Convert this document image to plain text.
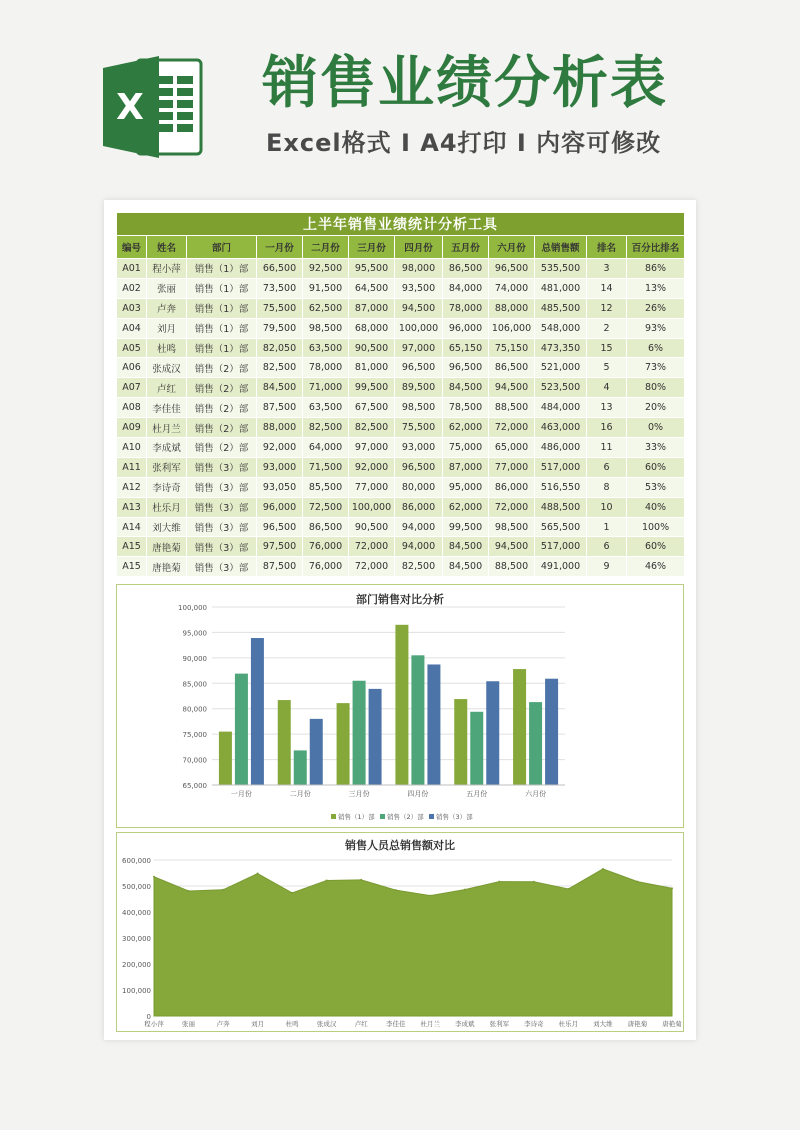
X 销售业绩分析表
Excel格式 I A4打印 I 内容可修改
上半年销售业绩统计分析工具											
编号	姓名	部门	一月份	二月份	三月份	四月份	五月份	六月份	总销售额	排名	百分比排名
A01	程小萍	销售（1）部	66,500	92,500	95,500	98,000	86,500	96,500	535,500	3	86%
A02	张丽	销售（1）部	73,500	91,500	64,500	93,500	84,000	74,000	481,000	14	13%
A03	卢奔	销售（1）部	75,500	62,500	87,000	94,500	78,000	88,000	485,500	12	26%
A04	刘月	销售（1）部	79,500	98,500	68,000	100,000	96,000	106,000	548,000	2	93%
A05	杜鸣	销售（1）部	82,050	63,500	90,500	97,000	65,150	75,150	473,350	15	6%
A06	张成汉	销售（2）部	82,500	78,000	81,000	96,500	96,500	86,500	521,000	5	73%
A07	卢红	销售（2）部	84,500	71,000	99,500	89,500	84,500	94,500	523,500	4	80%
A08	李佳佳	销售（2）部	87,500	63,500	67,500	98,500	78,500	88,500	484,000	13	20%
A09	杜月兰	销售（2）部	88,000	82,500	82,500	75,500	62,000	72,000	463,000	16	0%
A10	李成斌	销售（2）部	92,000	64,000	97,000	93,000	75,000	65,000	486,000	11	33%
A11	张利军	销售（3）部	93,000	71,500	92,000	96,500	87,000	77,000	517,000	6	60%
A12	李诗奇	销售（3）部	93,050	85,500	77,000	80,000	95,000	86,000	516,550	8	53%
A13	杜乐月	销售（3）部	96,000	72,500	100,000	86,000	62,000	72,000	488,500	10	40%
A14	刘大维	销售（3）部	96,500	86,500	90,500	94,000	99,500	98,500	565,500	1	100%
A15	唐艳菊	销售（3）部	97,500	76,000	72,000	94,000	84,500	94,500	517,000	6	60%
A15	唐艳菊	销售（3）部	87,500	76,000	72,000	82,500	84,500	88,500	491,000	9	46%
部门销售对比分析
65,000
70,000
75,000
80,000
85,000
90,000
95,000
100,000
一月份	二月份	三月份	四月份	五月份	六月份
销售（1）部 销售（2）部 销售（3）部
销售人员总销售额对比
0
100,000
200,000
300,000
400,000
500,000
600,000
程小萍	张丽	卢奔	刘月	杜鸣	张成汉	卢红	李佳佳 杜月兰 李成斌 张利军 李诗奇 杜乐月 刘大维 唐艳菊 唐艳菊
